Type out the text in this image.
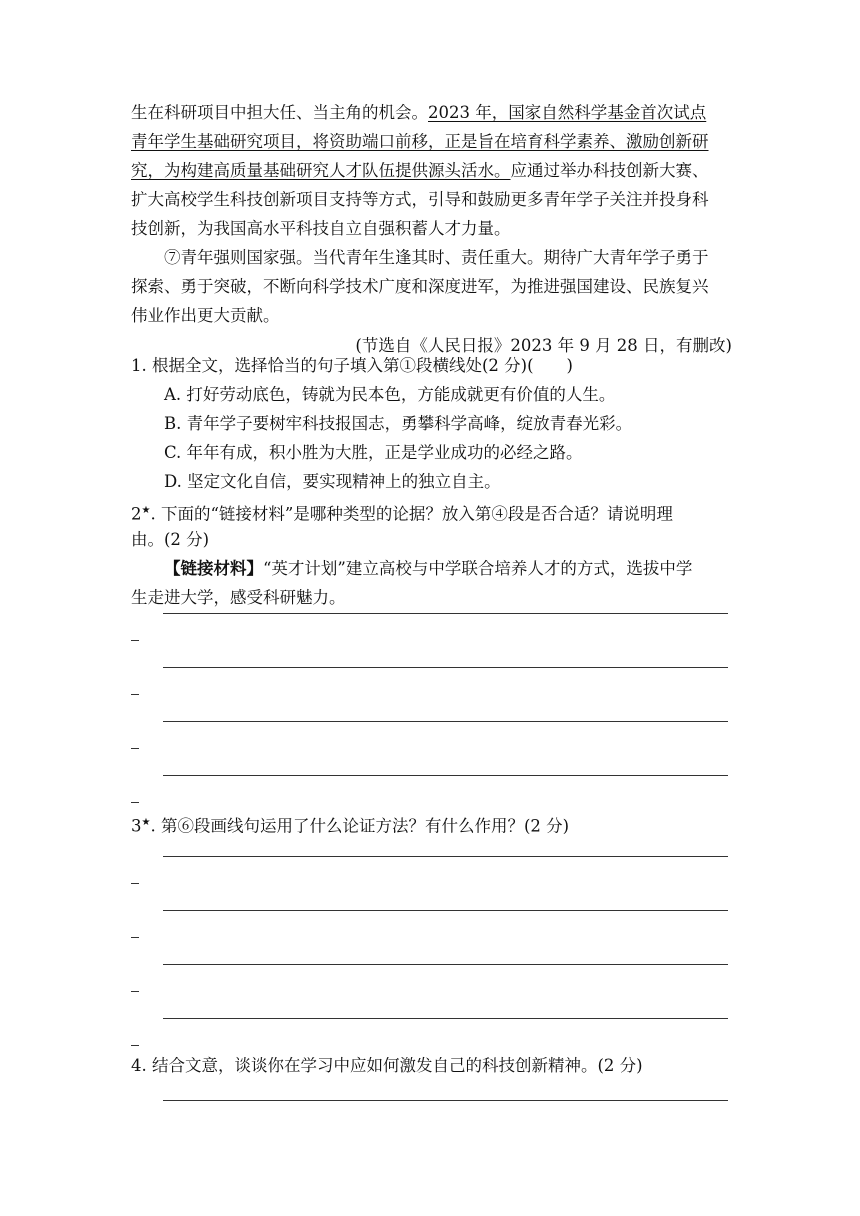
生在科研项目中担大任、当主角的机会。2023 年，国家自然科学基金首次试点
青年学生基础研究项目，将资助端口前移，正是旨在培育科学素养、激励创新研
究，为构建高质量基础研究人才队伍提供源头活水。应通过举办科技创新大赛、
扩大高校学生科技创新项目支持等方式，引导和鼓励更多青年学子关注并投身科
技创新，为我国高水平科技自立自强积蓄人才力量。
⑦青年强则国家强。当代青年生逢其时、责任重大。期待广大青年学子勇于
探索、勇于突破，不断向科学技术广度和深度进军，为推进强国建设、民族复兴
伟业作出更大贡献。
(节选自《人民日报》2023 年 9 月 28 日，有删改)
1. 根据全文，选择恰当的句子填入第①段横线处(2 分)(　　)
A. 打好劳动底色，铸就为民本色，方能成就更有价值的人生。
B. 青年学子要树牢科技报国志，勇攀科学高峰，绽放青春光彩。
C. 年年有成，积小胜为大胜，正是学业成功的必经之路。
D. 坚定文化自信，要实现精神上的独立自主。
2★. 下面的“链接材料”是哪种类型的论据？放入第④段是否合适？请说明理
由。(2 分)
【链接材料】“英才计划”建立高校与中学联合培养人才的方式，选拔中学
生走进大学，感受科研魅力。
3★. 第⑥段画线句运用了什么论证方法？有什么作用？(2 分)
4. 结合文意，谈谈你在学习中应如何激发自己的科技创新精神。(2 分)
